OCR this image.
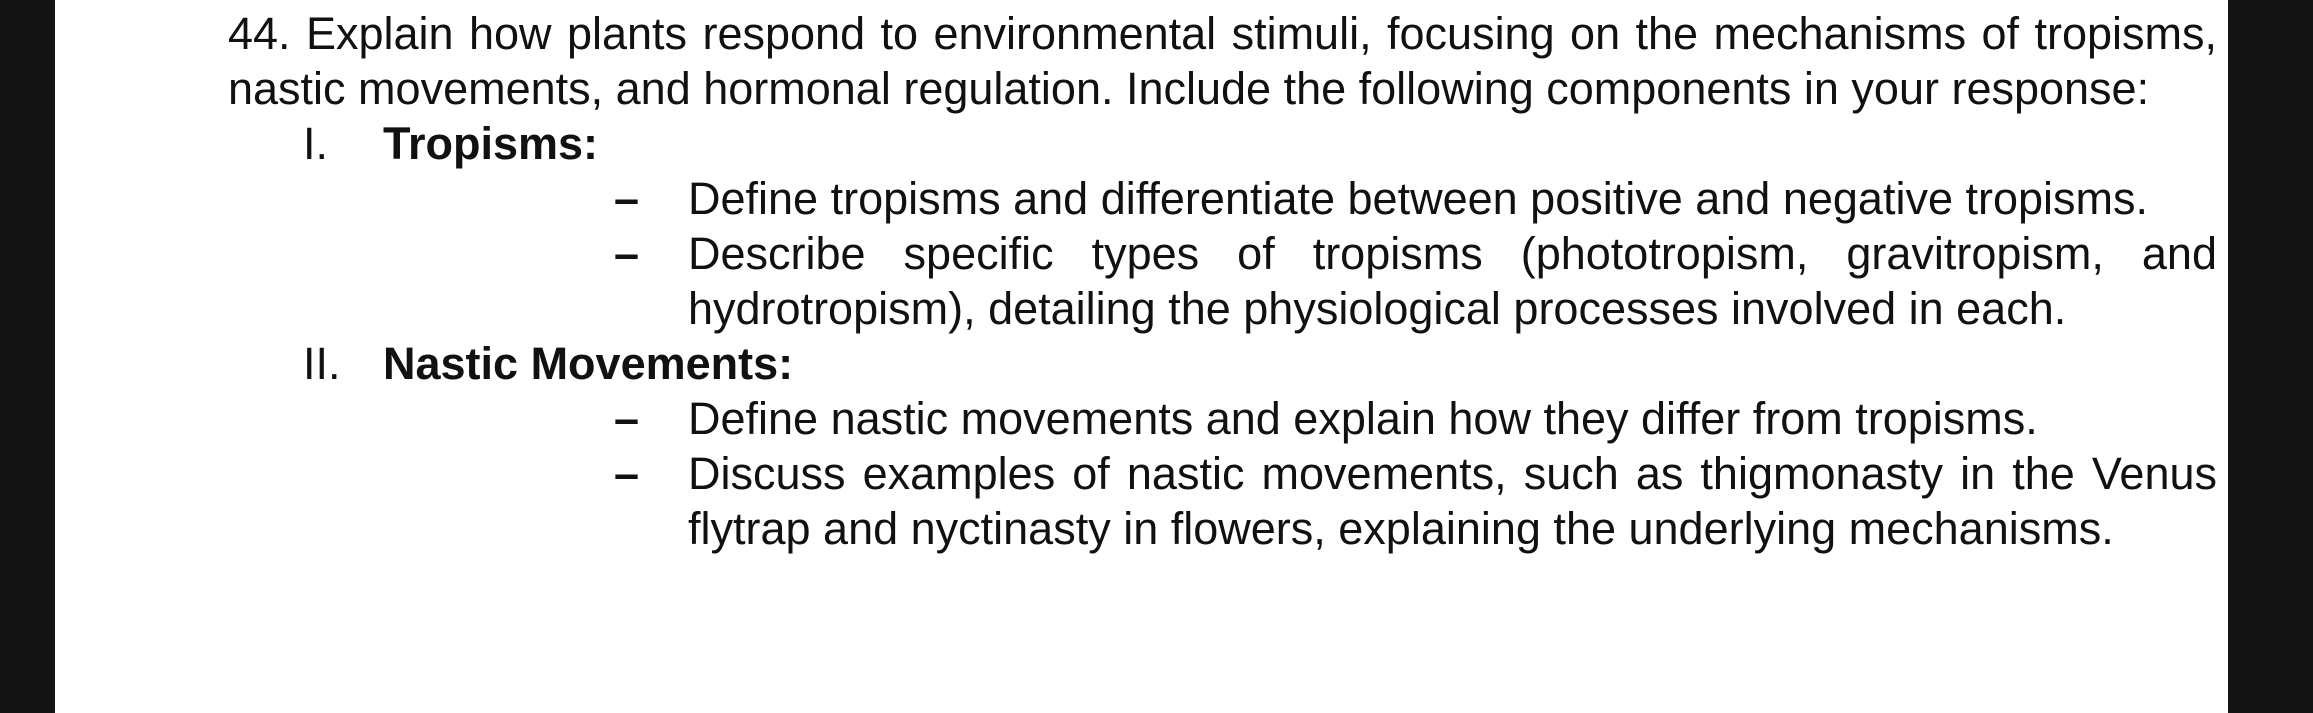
44. Explain how plants respond to environmental stimuli, focusing on the mechanisms of tropisms, nastic movements, and hormonal regulation. Include the following components in your response:

I. Tropisms:
– Define tropisms and differentiate between positive and negative tropisms.
– Describe specific types of tropisms (phototropism, gravitropism, and hydrotropism), detailing the physiological processes involved in each.
II. Nastic Movements:
– Define nastic movements and explain how they differ from tropisms.
– Discuss examples of nastic movements, such as thigmonasty in the Venus flytrap and nyctinasty in flowers, explaining the underlying mechanisms.
